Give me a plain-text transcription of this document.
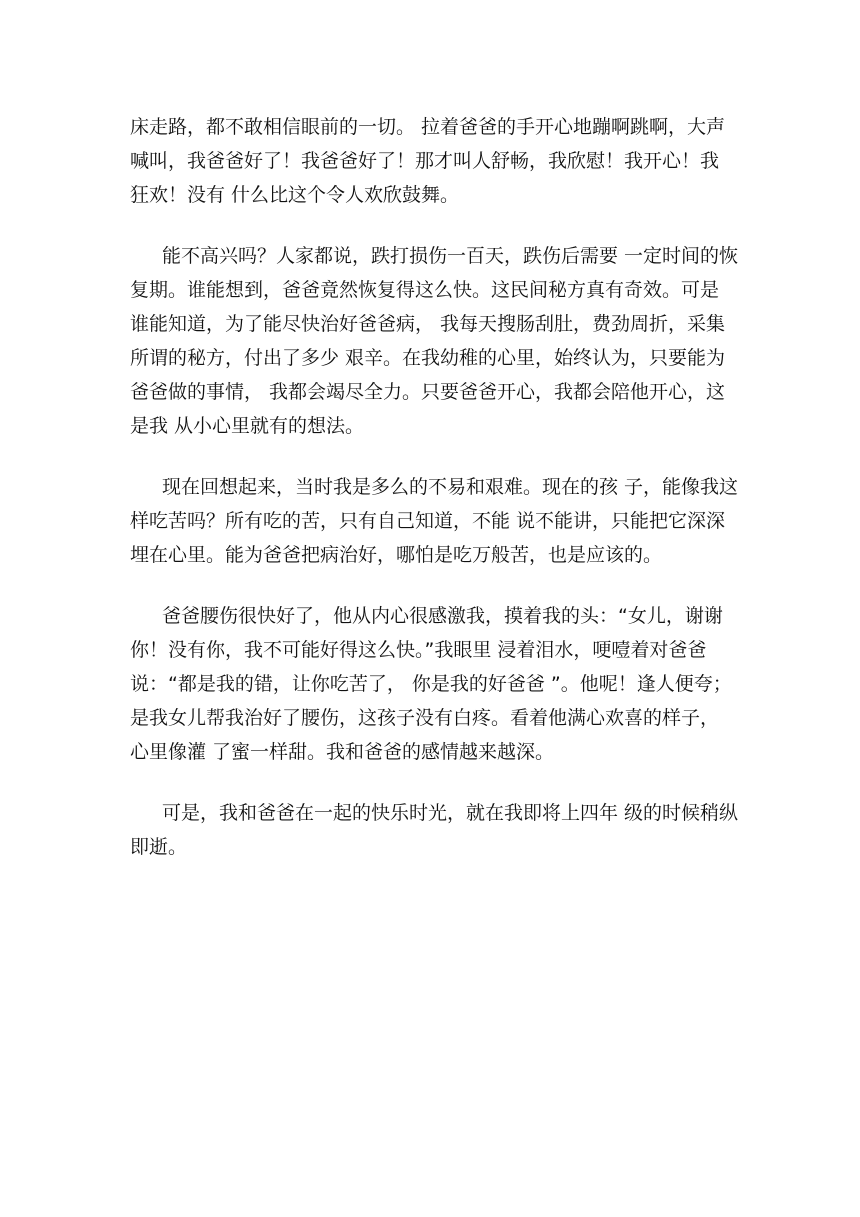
床走路，都不敢相信眼前的一切。 拉着爸爸的手开心地蹦啊跳啊，大声
喊叫，我爸爸好了！我爸爸好了！那才叫人舒畅，我欣慰！我开心！我
狂欢！没有 什么比这个令人欢欣鼓舞。

能不高兴吗？人家都说，跌打损伤一百天，跌伤后需要 一定时间的恢
复期。谁能想到，爸爸竟然恢复得这么快。这民间秘方真有奇效。可是
谁能知道，为了能尽快治好爸爸病， 我每天搜肠刮肚，费劲周折，采集
所谓的秘方，付出了多少 艰辛。在我幼稚的心里，始终认为，只要能为
爸爸做的事情， 我都会竭尽全力。只要爸爸开心，我都会陪他开心，这
是我 从小心里就有的想法。

现在回想起来，当时我是多么的不易和艰难。现在的孩 子，能像我这
样吃苦吗？所有吃的苦，只有自己知道，不能 说不能讲，只能把它深深
埋在心里。能为爸爸把病治好，哪怕是吃万般苦，也是应该的。

爸爸腰伤很快好了，他从内心很感激我，摸着我的头：“女儿，谢谢
你！没有你，我不可能好得这么快。”我眼里 浸着泪水，哽噎着对爸爸
说：“都是我的错，让你吃苦了， 你是我的好爸爸 ”。他呢！逢人便夸；
是我女儿帮我治好了腰伤，这孩子没有白疼。看着他满心欢喜的样子，
心里像灌 了蜜一样甜。我和爸爸的感情越来越深。

可是，我和爸爸在一起的快乐时光，就在我即将上四年 级的时候稍纵
即逝。
